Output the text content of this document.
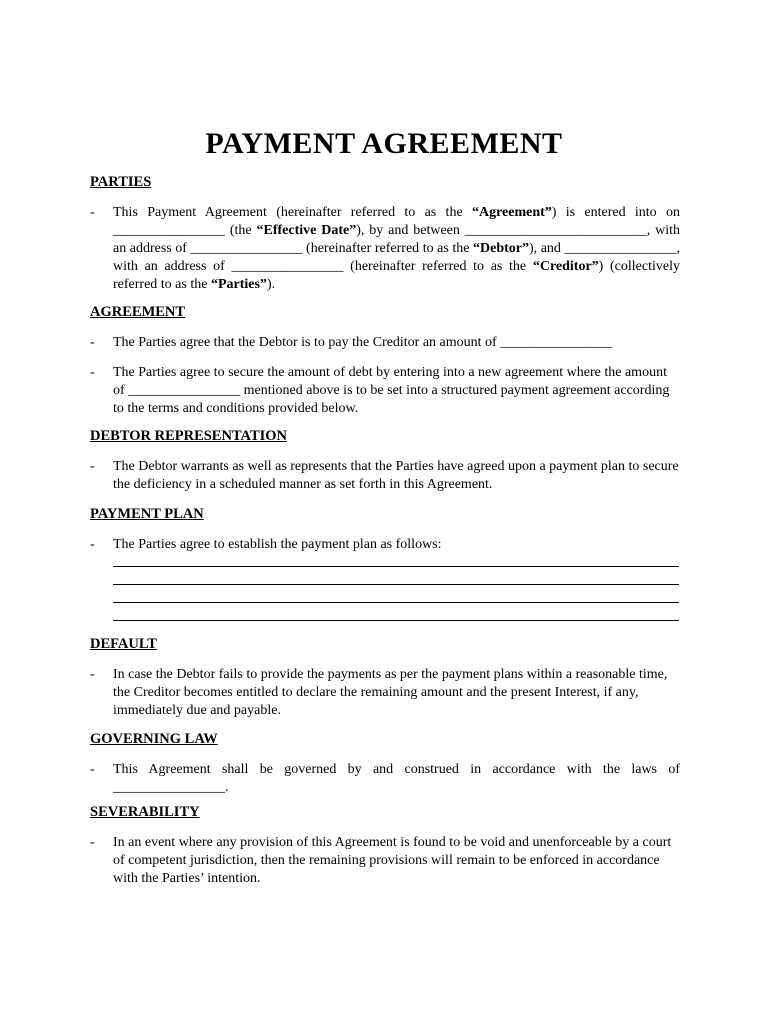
PAYMENT AGREEMENT
PARTIES
- This Payment Agreement (hereinafter referred to as the “Agreement”) is entered into on ________________ (the “Effective Date”), by and between __________________________, with an address of ________________ (hereinafter referred to as the “Debtor”), and ________________, with an address of ________________ (hereinafter referred to as the “Creditor”) (collectively referred to as the “Parties”).
AGREEMENT
- The Parties agree that the Debtor is to pay the Creditor an amount of ________________
- The Parties agree to secure the amount of debt by entering into a new agreement where the amount of ________________ mentioned above is to be set into a structured payment agreement according to the terms and conditions provided below.
DEBTOR REPRESENTATION
- The Debtor warrants as well as represents that the Parties have agreed upon a payment plan to secure the deficiency in a scheduled manner as set forth in this Agreement.
PAYMENT PLAN
- The Parties agree to establish the payment plan as follows:
DEFAULT
- In case the Debtor fails to provide the payments as per the payment plans within a reasonable time, the Creditor becomes entitled to declare the remaining amount and the present Interest, if any, immediately due and payable.
GOVERNING LAW
- This Agreement shall be governed by and construed in accordance with the laws of ________________.
SEVERABILITY
- In an event where any provision of this Agreement is found to be void and unenforceable by a court of competent jurisdiction, then the remaining provisions will remain to be enforced in accordance with the Parties’ intention.
